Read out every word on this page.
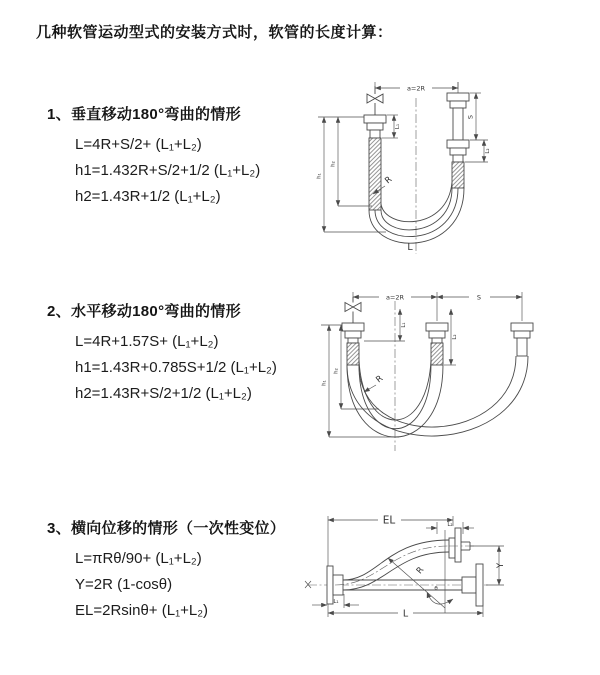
几种软管运动型式的安装方式时，软管的长度计算：
1、垂直移动180°弯曲的情形

L=4R+S/2+ (L₁+L₂)

h1=1.432R+S/2+1/2 (L₁+L₂)

h2=1.43R+1/2 (L₁+L₂)

2、水平移动180°弯曲的情形

L=4R+1.57S+ (L₁+L₂)

h1=1.43R+0.785S+1/2 (L₁+L₂)

h2=1.43R+S/2+1/2 (L₁+L₂)

3、横向位移的情形（一次性变位）

L=πRθ/90+ (L₁+L₂)

Y=2R (1-cosθ)

EL=2Rsinθ+ (L₁+L₂)

a=2R
L₁
S
L₂
h₁
h₂
R
L
a=2R	S
L₁
L₂
h₁
h₂
R
EL	L₂
R
θ
Y
L₁
L
